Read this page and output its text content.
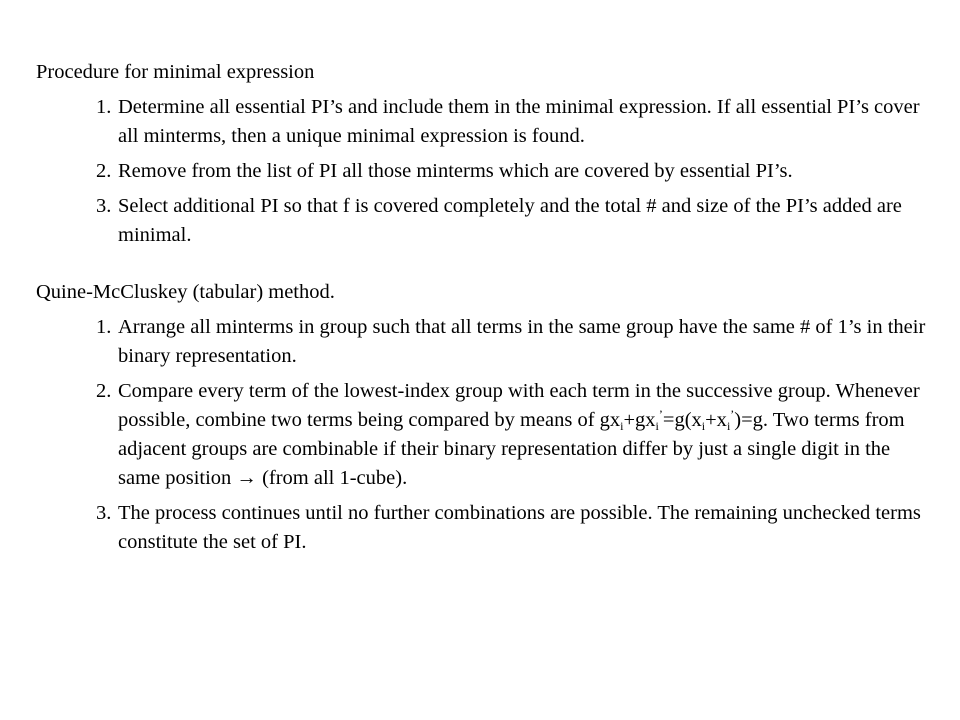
Procedure for minimal expression
1. Determine all essential PI’s and include them in the minimal expression. If all essential PI’s cover all minterms, then a unique minimal expression is found.
2. Remove from the list of PI all those minterms which are covered by essential PI’s.
3. Select additional PI so that f is covered completely and the total # and size of the PI’s added are minimal.
Quine-McCluskey (tabular) method.
1. Arrange all minterms in group such that all terms in the same group have the same # of 1’s in their binary representation.
2. Compare every term of the lowest-index group with each term in the successive group. Whenever possible, combine two terms being compared by means of $gx_i+gx_i^’=g(x_i+x_i^’)=g$. Two terms from adjacent groups are combinable if their binary representation differ by just a single digit in the same position → (from all 1-cube).
3. The process continues until no further combinations are possible. The remaining unchecked terms constitute the set of PI.
